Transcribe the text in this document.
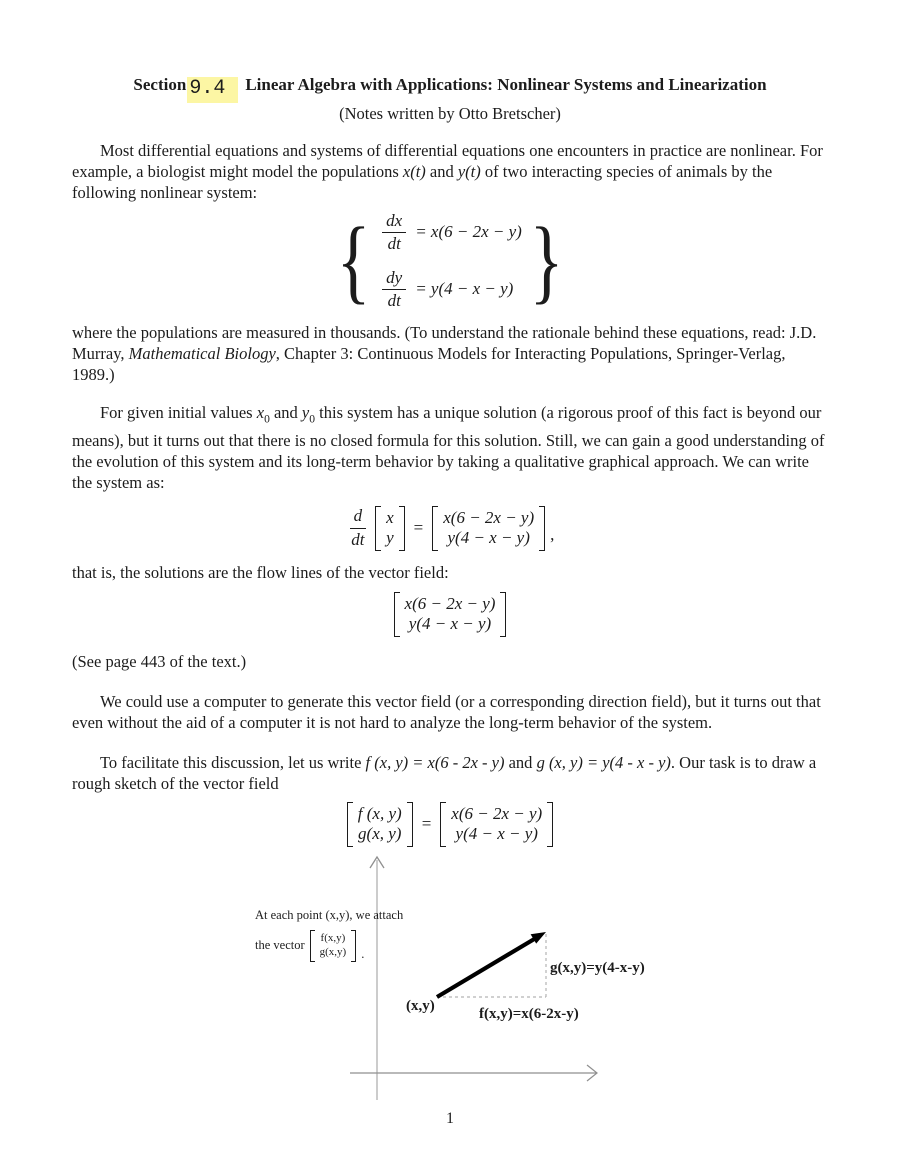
Section 9.4 Linear Algebra with Applications: Nonlinear Systems and Linearization
(Notes written by Otto Bretscher)

Most differential equations and systems of differential equations one encounters in practice are nonlinear. For example, a biologist might model the populations x(t) and y(t) of two interacting species of animals by the following nonlinear system:

{ $\frac{dx}{dt} = x(6 - 2x - y)$
$\frac{dy}{dt} = y(4 - x - y)$ }

where the populations are measured in thousands. (To understand the rationale behind these equations, read: J.D. Murray, Mathematical Biology, Chapter 3: Continuous Models for Interacting Populations, Springer-Verlag, 1989.)

For given initial values $x_0$ and $y_0$ this system has a unique solution (a rigorous proof of this fact is beyond our means), but it turns out that there is no closed formula for this solution. Still, we can gain a good understanding of the evolution of this system and its long-term behavior by taking a qualitative graphical approach. We can write the system as:

$\frac{d}{dt}$ x
y
=
x(6 − 2x − y)
y(4 − x − y) ,

that is, the solutions are the flow lines of the vector field:

x(6 − 2x − y)
y(4 − x − y)

(See page 443 of the text.)

We could use a computer to generate this vector field (or a corresponding direction field), but it turns out that even without the aid of a computer it is not hard to analyze the long-term behavior of the system.

To facilitate this discussion, let us write f (x, y) = x(6 - 2x - y) and g (x, y) = y(4 - x - y). Our task is to draw a rough sketch of the vector field

f (x, y)
g(x, y)
=
x(6 − 2x − y)
y(4 − x − y)
At each point (x,y), we attach
the vector
f(x,y)
g(x,y) .
(x,y)	f(x,y)=x(6-2x-y)
g(x,y)=y(4-x-y)
1
